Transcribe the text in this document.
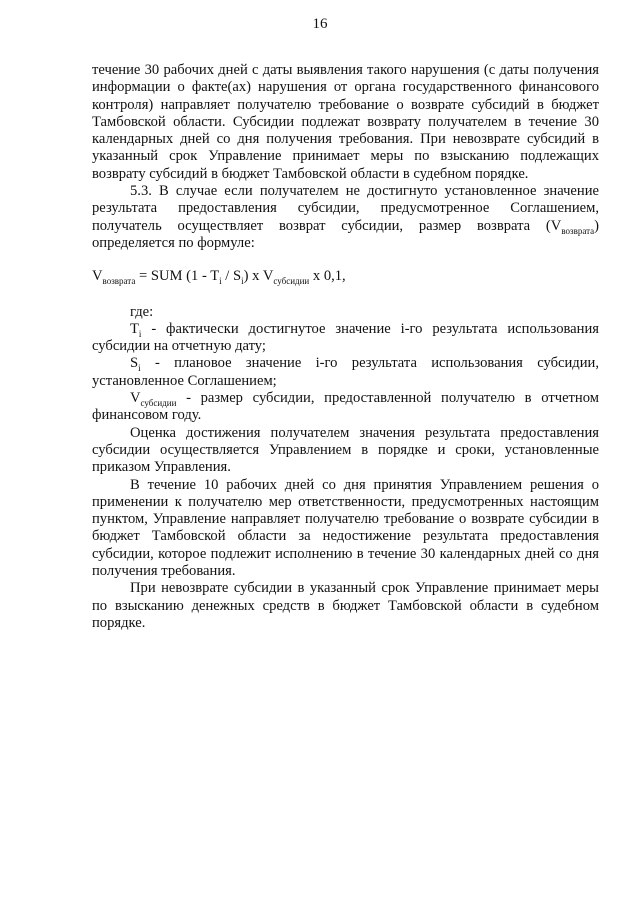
16

течение 30 рабочих дней с даты выявления такого нарушения (с даты получения информации о факте(ах) нарушения от органа государственного финансового контроля) направляет получателю требование о возврате субсидий в бюджет Тамбовской области. Субсидии подлежат возврату получателем в течение 30 календарных дней со дня получения требования. При невозврате субсидий в указанный срок Управление принимает меры по взысканию подлежащих возврату субсидий в бюджет Тамбовской области в судебном порядке.

5.3. В случае если получателем не достигнуто установленное значение результата предоставления субсидии, предусмотренное Соглашением, получатель осуществляет возврат субсидии, размер возврата $(V_{возврата})$ определяется по формуле:

$V_{возврата}$ = SUM $(1 - T_i / S_i)$ x $V_{субсидии}$ x 0,1,

где:

$T_i$ - фактически достигнутое значение i-го результата использования субсидии на отчетную дату;

$S_i$ - плановое значение i-го результата использования субсидии, установленное Соглашением;

$V_{субсидии}$ - размер субсидии, предоставленной получателю в отчетном финансовом году.

Оценка достижения получателем значения результата предоставления субсидии осуществляется Управлением в порядке и сроки, установленные приказом Управления.

В течение 10 рабочих дней со дня принятия Управлением решения о применении к получателю мер ответственности, предусмотренных настоящим пунктом, Управление направляет получателю требование о возврате субсидии в бюджет Тамбовской области за недостижение результата предоставления субсидии, которое подлежит исполнению в течение 30 календарных дней со дня получения требования.

При невозврате субсидии в указанный срок Управление принимает меры по взысканию денежных средств в бюджет Тамбовской области в судебном порядке.
